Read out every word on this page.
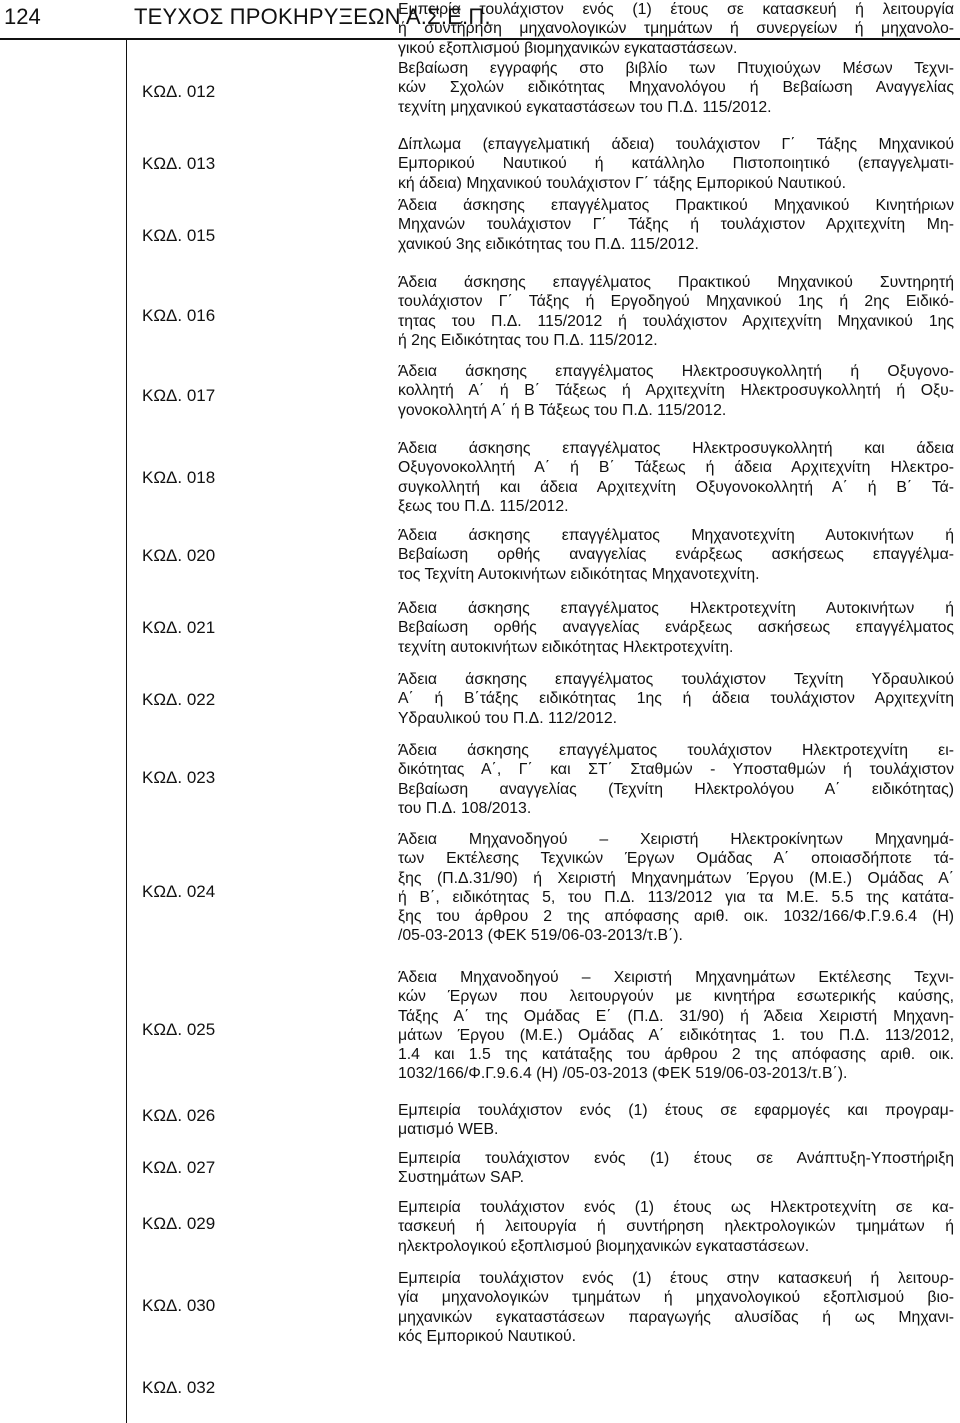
124	ΤΕΥΧΟΣ ΠΡΟΚΗΡΥΞΕΩΝ Α.Σ.Ε.Π.
ΚΩΔ. 012
ΚΩΔ. 013
ΚΩΔ. 015
ΚΩΔ. 016
ΚΩΔ. 017
ΚΩΔ. 018
ΚΩΔ. 020
ΚΩΔ. 021
ΚΩΔ. 022
ΚΩΔ. 023
ΚΩΔ. 024
ΚΩΔ. 025
ΚΩΔ. 026
ΚΩΔ. 027
ΚΩΔ. 029
ΚΩΔ. 030
ΚΩΔ. 032
Βεβαίωση εγγραφής στο βιβλίο των Πτυχιούχων Μέσων Τεχνι-
κών Σχολών ειδικότητας Μηχανολόγου ή Βεβαίωση Αναγγελίας
τεχνίτη μηχανικού εγκαταστάσεων του Π.Δ. 115/2012.
Δίπλωμα (επαγγελματική άδεια) τουλάχιστον Γ΄ Τάξης Μηχανικού
Εμπορικού Ναυτικού ή κατάλληλο Πιστοποιητικό (επαγγελματι-
κή άδεια) Μηχανικού τουλάχιστον Γ΄ τάξης Εμπορικού Ναυτικού.
Άδεια άσκησης επαγγέλματος Πρακτικού Μηχανικού Κινητήριων
Μηχανών τουλάχιστον Γ΄ Τάξης ή τουλάχιστον Αρχιτεχνίτη Μη-
χανικού 3ης ειδικότητας του Π.Δ. 115/2012.
Άδεια άσκησης επαγγέλματος Πρακτικού Μηχανικού Συντηρητή
τουλάχιστον Γ΄ Τάξης ή Εργοδηγού Μηχανικού 1ης ή 2ης Ειδικό-
τητας του Π.Δ. 115/2012 ή τουλάχιστον Αρχιτεχνίτη Μηχανικού 1ης
ή 2ης Ειδικότητας του Π.Δ. 115/2012.
Άδεια άσκησης επαγγέλματος Ηλεκτροσυγκολλητή ή Οξυγονο-
κολλητή Α΄ ή Β΄ Τάξεως ή Αρχιτεχνίτη Ηλεκτροσυγκολλητή ή Οξυ-
γονοκολλητή Α΄ ή Β Τάξεως του Π.Δ. 115/2012.
Άδεια άσκησης επαγγέλματος Ηλεκτροσυγκολλητή και άδεια
Οξυγονοκολλητή Α΄ ή Β΄ Τάξεως ή άδεια Αρχιτεχνίτη Ηλεκτρο-
συγκολλητή και άδεια Αρχιτεχνίτη Οξυγονοκολλητή Α΄ ή Β΄ Τά-
ξεως του Π.Δ. 115/2012.
Άδεια άσκησης επαγγέλματος Μηχανοτεχνίτη Αυτοκινήτων ή
Βεβαίωση ορθής αναγγελίας ενάρξεως ασκήσεως επαγγέλμα-
τος Τεχνίτη Αυτοκινήτων ειδικότητας Μηχανοτεχνίτη.
Άδεια άσκησης επαγγέλματος Ηλεκτροτεχνίτη Αυτοκινήτων ή
Βεβαίωση ορθής αναγγελίας ενάρξεως ασκήσεως επαγγέλματος
τεχνίτη αυτοκινήτων ειδικότητας Ηλεκτροτεχνίτη.
Άδεια άσκησης επαγγέλματος τουλάχιστον Τεχνίτη Υδραυλικού
Α΄ ή Β΄τάξης ειδικότητας 1ης ή άδεια τουλάχιστον Αρχιτεχνίτη
Υδραυλικού του Π.Δ. 112/2012.
Άδεια άσκησης επαγγέλματος τουλάχιστον Ηλεκτροτεχνίτη ει-
δικότητας Α΄, Γ΄ και ΣΤ΄ Σταθμών - Υποσταθμών ή τουλάχιστον
Βεβαίωση αναγγελίας (Τεχνίτη Ηλεκτρολόγου Α΄ ειδικότητας)
του Π.Δ. 108/2013.
Άδεια Μηχανοδηγού – Χειριστή Ηλεκτροκίνητων Μηχανημά-
των Εκτέλεσης Τεχνικών Έργων Ομάδας Α΄ οποιασδήποτε τά-
ξης (Π.Δ.31/90) ή Χειριστή Μηχανημάτων Έργου (Μ.Ε.) Ομάδας Α΄
ή Β΄, ειδικότητας 5, του Π.Δ. 113/2012 για τα Μ.Ε. 5.5 της κατάτα-
ξης του άρθρου 2 της απόφασης αριθ. οικ. 1032/166/Φ.Γ.9.6.4 (Η)
/05-03-2013 (ΦΕΚ 519/06-03-2013/τ.Β΄).
Άδεια Μηχανοδηγού – Χειριστή Μηχανημάτων Εκτέλεσης Τεχνι-
κών Έργων που λειτουργούν με κινητήρα εσωτερικής καύσης,
Τάξης Α΄ της Ομάδας Ε΄ (Π.Δ. 31/90) ή Άδεια Χειριστή Μηχανη-
μάτων Έργου (Μ.Ε.) Ομάδας Α΄ ειδικότητας 1. του Π.Δ. 113/2012,
1.4 και 1.5 της κατάταξης του άρθρου 2 της απόφασης αριθ. οικ.
1032/166/Φ.Γ.9.6.4 (Η) /05-03-2013 (ΦΕΚ 519/06-03-2013/τ.Β΄).
Εμπειρία τουλάχιστον ενός (1) έτους σε εφαρμογές και προγραμ-
ματισμό WEB.
Εμπειρία τουλάχιστον ενός (1) έτους σε Ανάπτυξη-Υποστήριξη
Συστημάτων SAP.
Εμπειρία τουλάχιστον ενός (1) έτους ως Ηλεκτροτεχνίτη σε κα-
τασκευή ή λειτουργία ή συντήρηση ηλεκτρολογικών τμημάτων ή
ηλεκτρολογικού εξοπλισμού βιομηχανικών εγκαταστάσεων.
Εμπειρία τουλάχιστον ενός (1) έτους στην κατασκευή ή λειτουρ-
γία μηχανολογικών τμημάτων ή μηχανολογικού εξοπλισμού βιο-
μηχανικών εγκαταστάσεων παραγωγής αλυσίδας ή ως Μηχανι-
κός Εμπορικού Ναυτικού.
Εμπειρία τουλάχιστον ενός (1) έτους σε κατασκευή ή λειτουργία
ή συντήρηση μηχανολογικών τμημάτων ή συνεργείων ή μηχανολο-
γικού εξοπλισμού βιομηχανικών εγκαταστάσεων.
